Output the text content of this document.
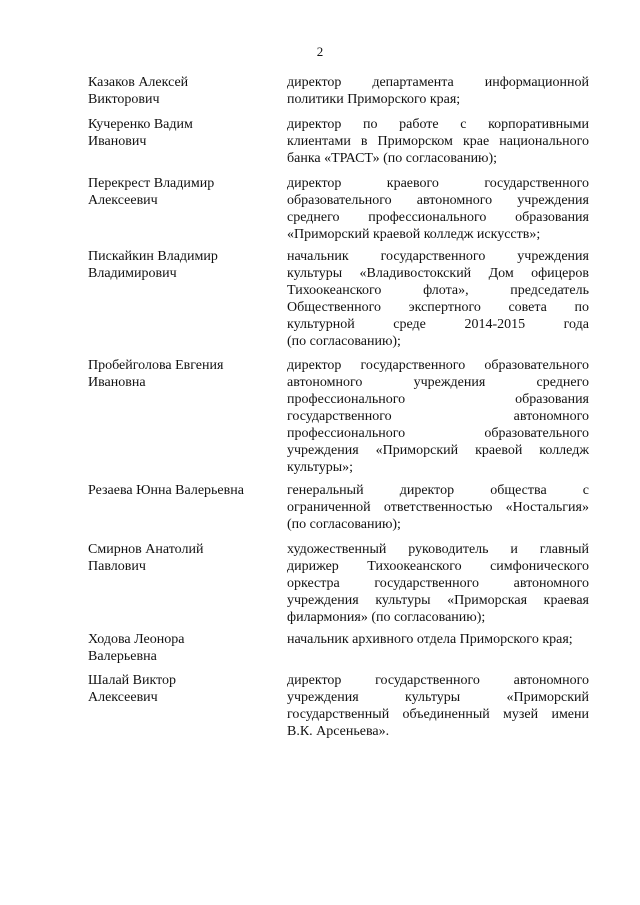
2
Казаков Алексей
Викторович
директор департамента информационной
политики Приморского края;
Кучеренко Вадим
Иванович
директор по работе с корпоративными
клиентами в Приморском крае национального
банка «ТРАСТ» (по согласованию);
Перекрест Владимир
Алексеевич
директор краевого государственного
образовательного автономного учреждения
среднего профессионального образования
«Приморский краевой колледж искусств»;
Пискайкин Владимир
Владимирович
начальник государственного учреждения
культуры «Владивостокский Дом офицеров
Тихоокеанского флота», председатель
Общественного экспертного совета по
культурной среде 2014-2015 года
(по согласованию);
Пробейголова Евгения
Ивановна
директор государственного образовательного
автономного учреждения среднего
профессионального образования
государственного автономного
профессионального образовательного
учреждения «Приморский краевой колледж
культуры»;
Резаева Юнна Валерьевна	генеральный директор общества с
ограниченной ответственностью «Ностальгия»
(по согласованию);
Смирнов Анатолий
Павлович
художественный руководитель и главный
дирижер Тихоокеанского симфонического
оркестра государственного автономного
учреждения культуры «Приморская краевая
филармония» (по согласованию);
Ходова Леонора
Валерьевна
начальник архивного отдела Приморского края;
Шалай Виктор
Алексеевич
директор государственного автономного
учреждения культуры «Приморский
государственный объединенный музей имени
В.К. Арсеньева».
